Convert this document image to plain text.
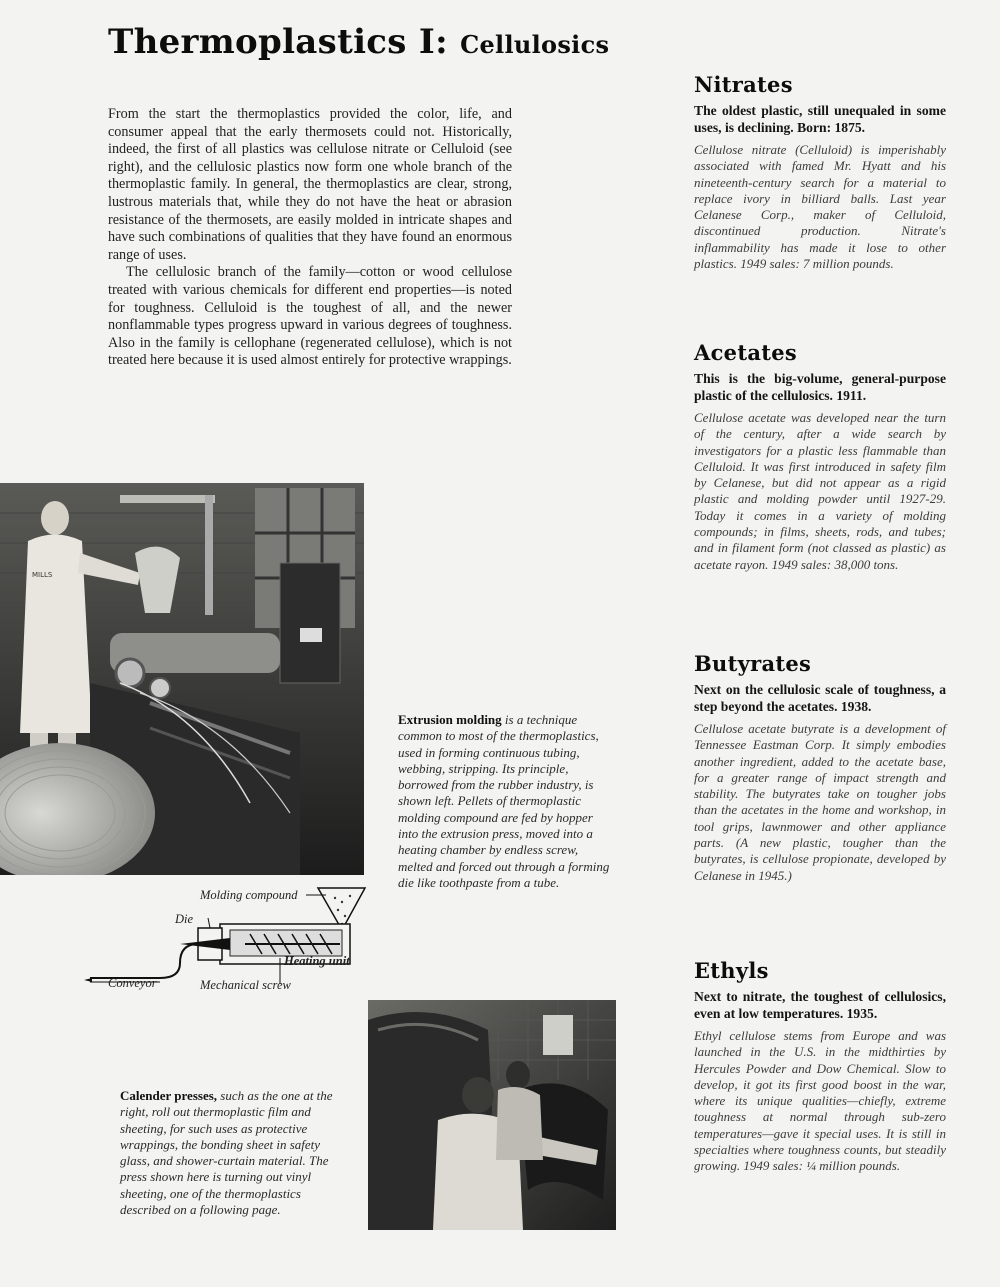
Thermoplastics I: Cellulosics

From the start the thermoplastics provided the color, life, and consumer appeal that the early thermosets could not. Historically, indeed, the first of all plastics was cellulose nitrate or Celluloid (see right), and the cellulosic plastics now form one whole branch of the thermoplastic family. In general, the thermoplastics are clear, strong, lustrous materials that, while they do not have the heat or abrasion resistance of the thermosets, are easily molded in intricate shapes and have such combinations of qualities that they have found an enormous range of uses.

The cellulosic branch of the family—cotton or wood cellulose treated with various chemicals for different end properties—is noted for toughness. Celluloid is the toughest of all, and the newer nonflammable types progress upward in various degrees of toughness. Also in the family is cellophane (regenerated cellulose), which is not treated here because it is used almost entirely for protective wrappings.

Nitrates
The oldest plastic, still unequaled in some uses, is declining. Born: 1875.
Cellulose nitrate (Celluloid) is imperishably associated with famed Mr. Hyatt and his nineteenth-century search for a material to replace ivory in billiard balls. Last year Celanese Corp., maker of Celluloid, discontinued production. Nitrate's inflammability has made it lose to other plastics. 1949 sales: 7 million pounds.
Acetates
This is the big-volume, general-purpose plastic of the cellulosics. 1911.
Cellulose acetate was developed near the turn of the century, after a wide search by investigators for a plastic less flammable than Celluloid. It was first introduced in safety film by Celanese, but did not appear as a rigid plastic and molding powder until 1927-29. Today it comes in a variety of molding compounds; in films, sheets, rods, and tubes; and in filament form (not classed as plastic) as acetate rayon. 1949 sales: 38,000 tons.
Butyrates
Next on the cellulosic scale of toughness, a step beyond the acetates. 1938.
Cellulose acetate butyrate is a development of Tennessee Eastman Corp. It simply embodies another ingredient, added to the acetate base, for a greater range of impact strength and stability. The butyrates take on tougher jobs than the acetates in the home and workshop, in tool grips, lawnmower and other appliance parts. (A new plastic, tougher than the butyrates, is cellulose propionate, developed by Celanese in 1945.)
Ethyls
Next to nitrate, the toughest of cellulosics, even at low temperatures. 1935.
Ethyl cellulose stems from Europe and was launched in the U.S. in the midthirties by Hercules Powder and Dow Chemical. Slow to develop, it got its first good boost in the war, where its unique qualities—chiefly, extreme toughness at normal through sub-zero temperatures—gave it special uses. It is still in specialties where toughness counts, but steadily growing. 1949 sales: ¼ million pounds.
MILLS
Molding compound
Die
Heating unit
Conveyor	Mechanical screw
Extrusion molding is a technique common to most of the thermoplastics, used in forming continuous tubing, webbing, stripping. Its principle, borrowed from the rubber industry, is shown left. Pellets of thermoplastic molding compound are fed by hopper into the extrusion press, moved into a heating chamber by endless screw, melted and forced out through a forming die like toothpaste from a tube.
Calender presses, such as the one at the right, roll out thermoplastic film and sheeting, for such uses as protective wrappings, the bonding sheet in safety glass, and shower-curtain material. The press shown here is turning out vinyl sheeting, one of the thermoplastics described on a following page.
